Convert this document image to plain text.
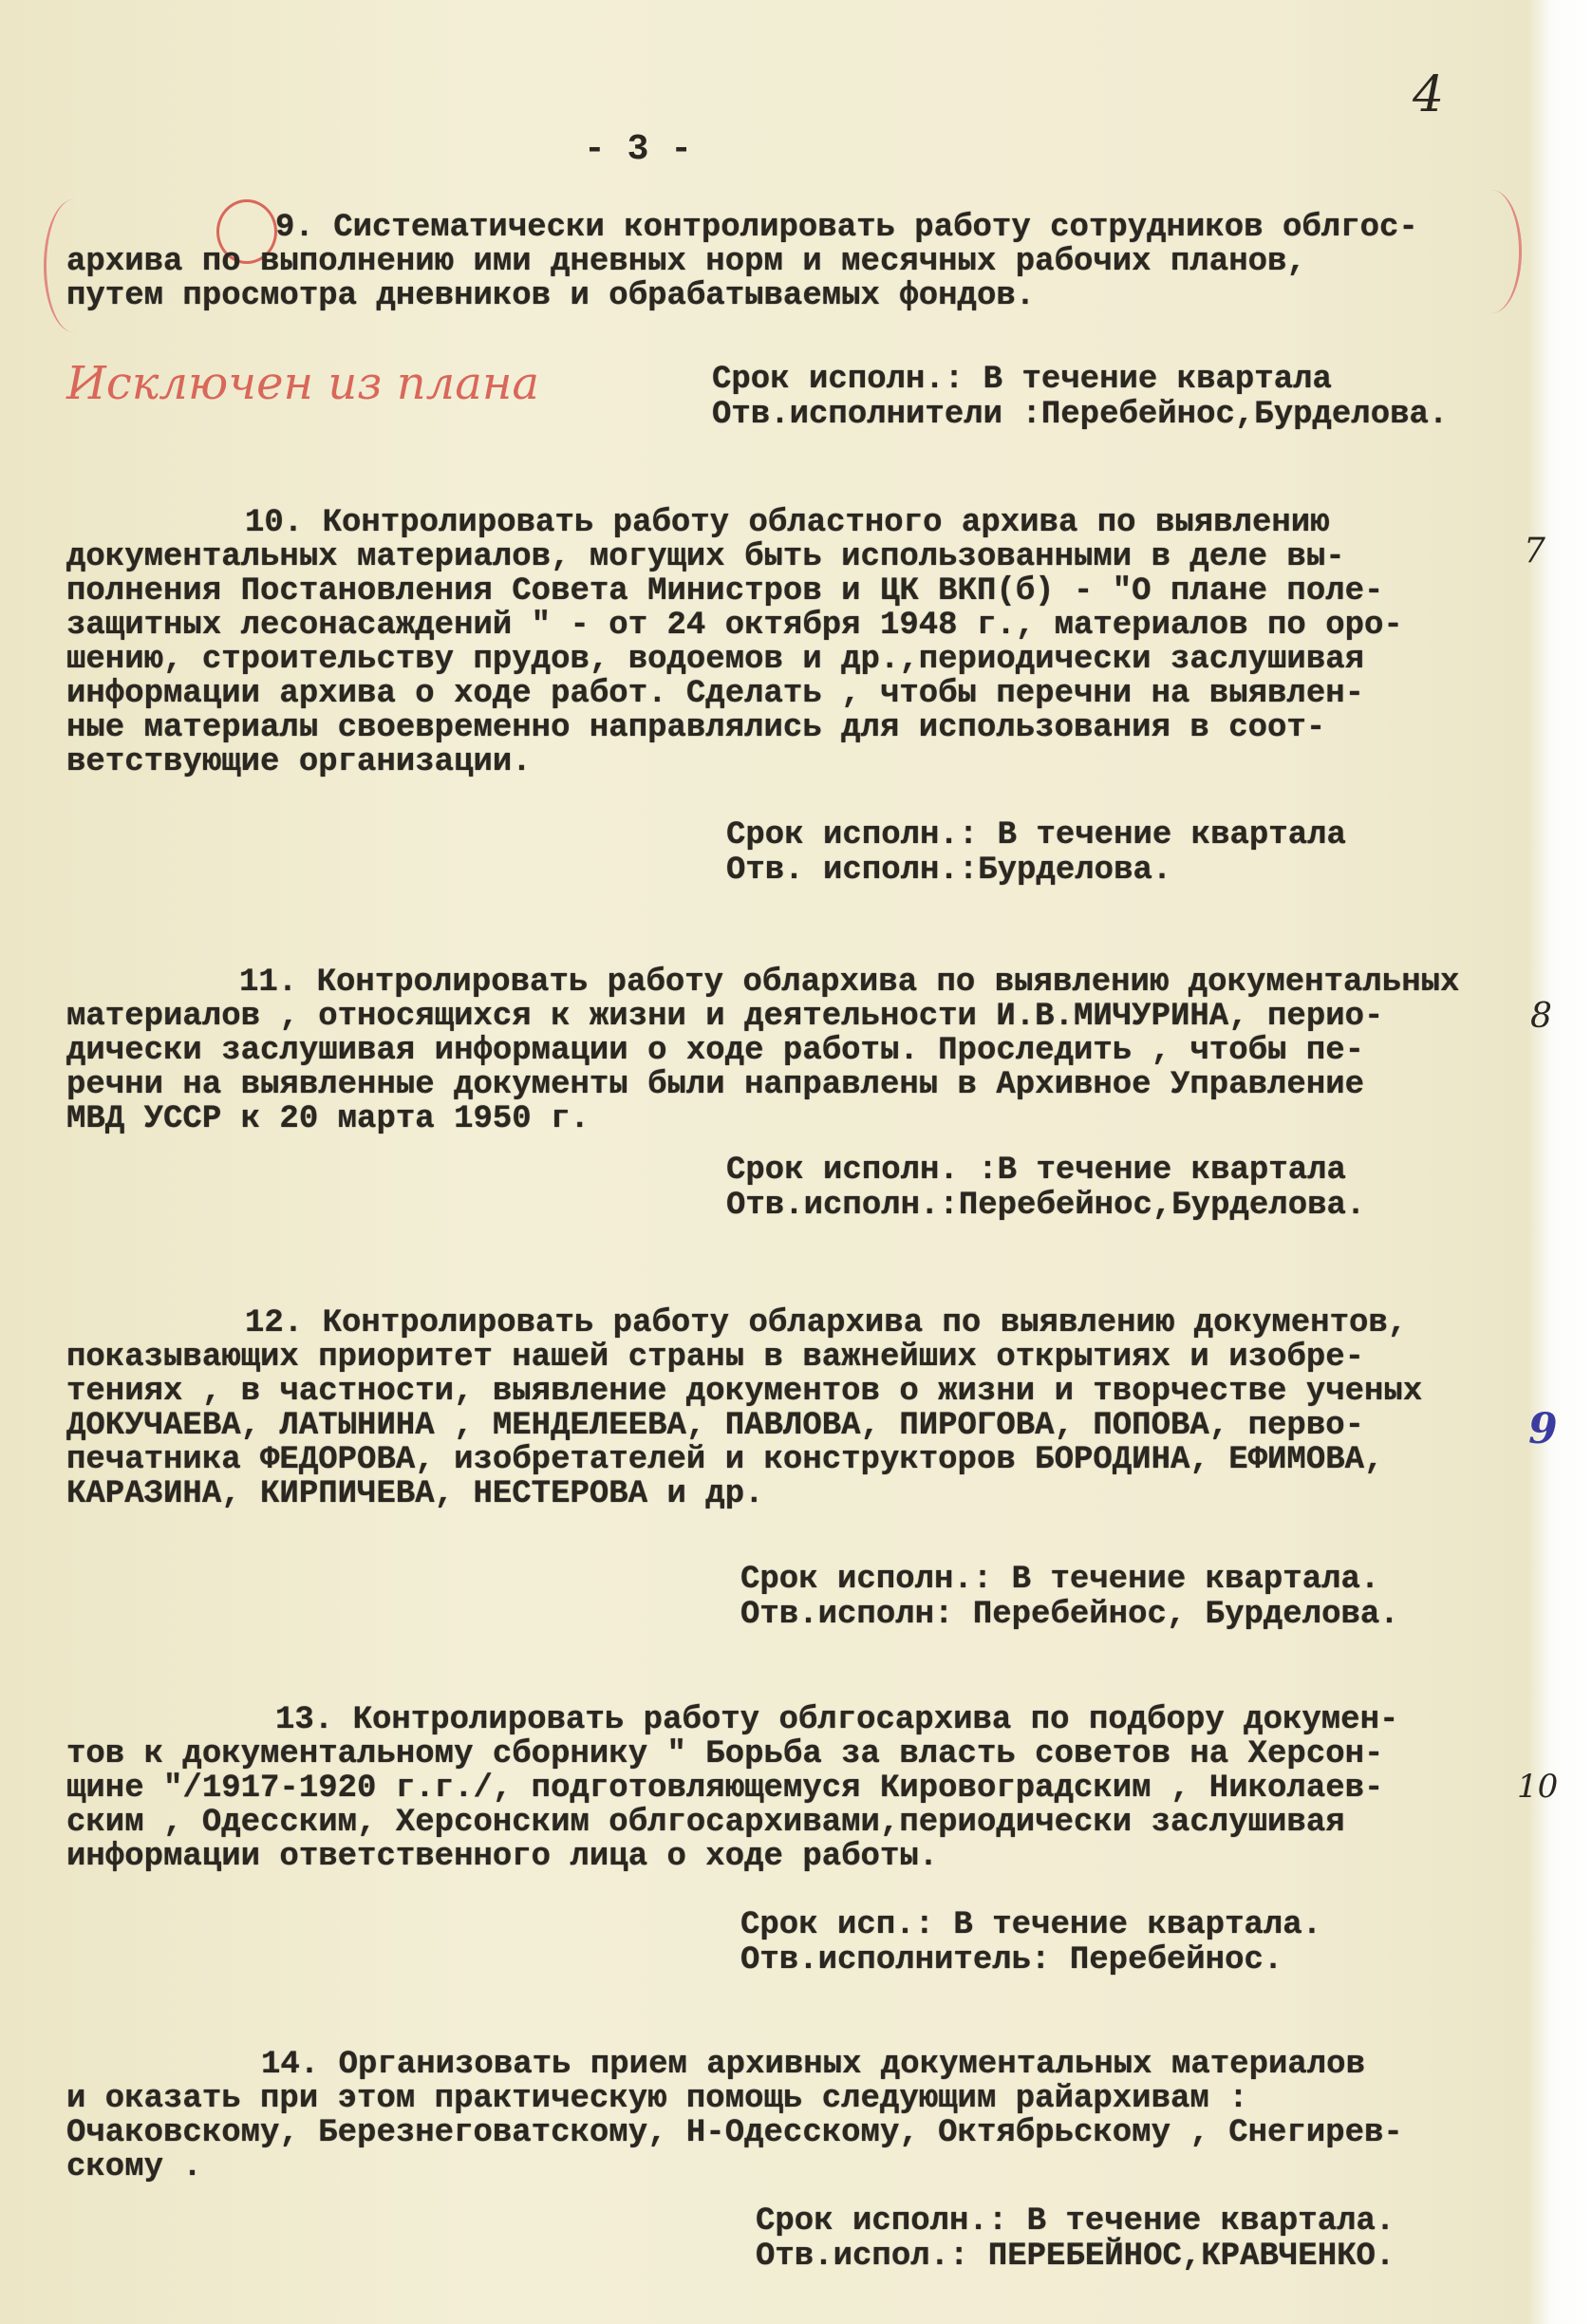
- 3 -
4
7
8
9
10
Исключен из плана
9. Систематически контролировать работу сотрудников облгос-
архива по выполнению ими дневных норм и месячных рабочих планов,
путем просмотра дневников и обрабатываемых фондов.
Срок исполн.: В течение квартала
Отв.исполнители :Перебейнос,Бурделова.
10. Контролировать работу областного архива по выявлению
документальных материалов, могущих быть использованными в деле вы-
полнения Постановления Совета Министров и ЦК ВКП(б) - "О плане поле-
защитных лесонасаждений " - от 24 октября 1948 г., материалов по оро-
шению, строительству прудов, водоемов и др.,периодически заслушивая
информации архива о ходе работ. Сделать , чтобы перечни на выявлен-
ные материалы своевременно направлялись для использования в соот-
ветствующие организации.
Срок исполн.: В течение квартала
Отв. исполн.:Бурделова.
11. Контролировать работу облархива по выявлению документальных
материалов , относящихся к жизни и деятельности И.В.МИЧУРИНА, перио-
дически заслушивая информации о ходе работы. Проследить , чтобы пе-
речни на выявленные документы были направлены в Архивное Управление
МВД УССР к 20 марта 1950 г.
Срок исполн. :В течение квартала
Отв.исполн.:Перебейнос,Бурделова.
12. Контролировать работу облархива по выявлению документов,
показывающих приоритет нашей страны в важнейших открытиях и изобре-
тениях , в частности, выявление документов о жизни и творчестве ученых
ДОКУЧАЕВА, ЛАТЫНИНА , МЕНДЕЛЕЕВА, ПАВЛОВА, ПИРОГОВА, ПОПОВА, перво-
печатника ФЕДОРОВА, изобретателей и конструкторов БОРОДИНА, ЕФИМОВА,
КАРАЗИНА, КИРПИЧЕВА, НЕСТЕРОВА и др.
Срок исполн.: В течение квартала.
Отв.исполн: Перебейнос, Бурделова.
13. Контролировать работу облгосархива по подбору докумен-
тов к документальному сборнику " Борьба за власть советов на Херсон-
щине "/1917-1920 г.г./, подготовляющемуся Кировоградским , Николаев-
ским , Одесским, Херсонским облгосархивами,периодически заслушивая
информации ответственного лица о ходе работы.
Срок исп.: В течение квартала.
Отв.исполнитель: Перебейнос.
14. Организовать прием архивных документальных материалов
и оказать при этом практическую помощь следующим райархивам :
Очаковскому, Березнеговатскому, Н-Одесскому, Октябрьскому , Снегирев-
скому .
Срок исполн.: В течение квартала.
Отв.испол.: ПЕРЕБЕЙНОС,КРАВЧЕНКО.
